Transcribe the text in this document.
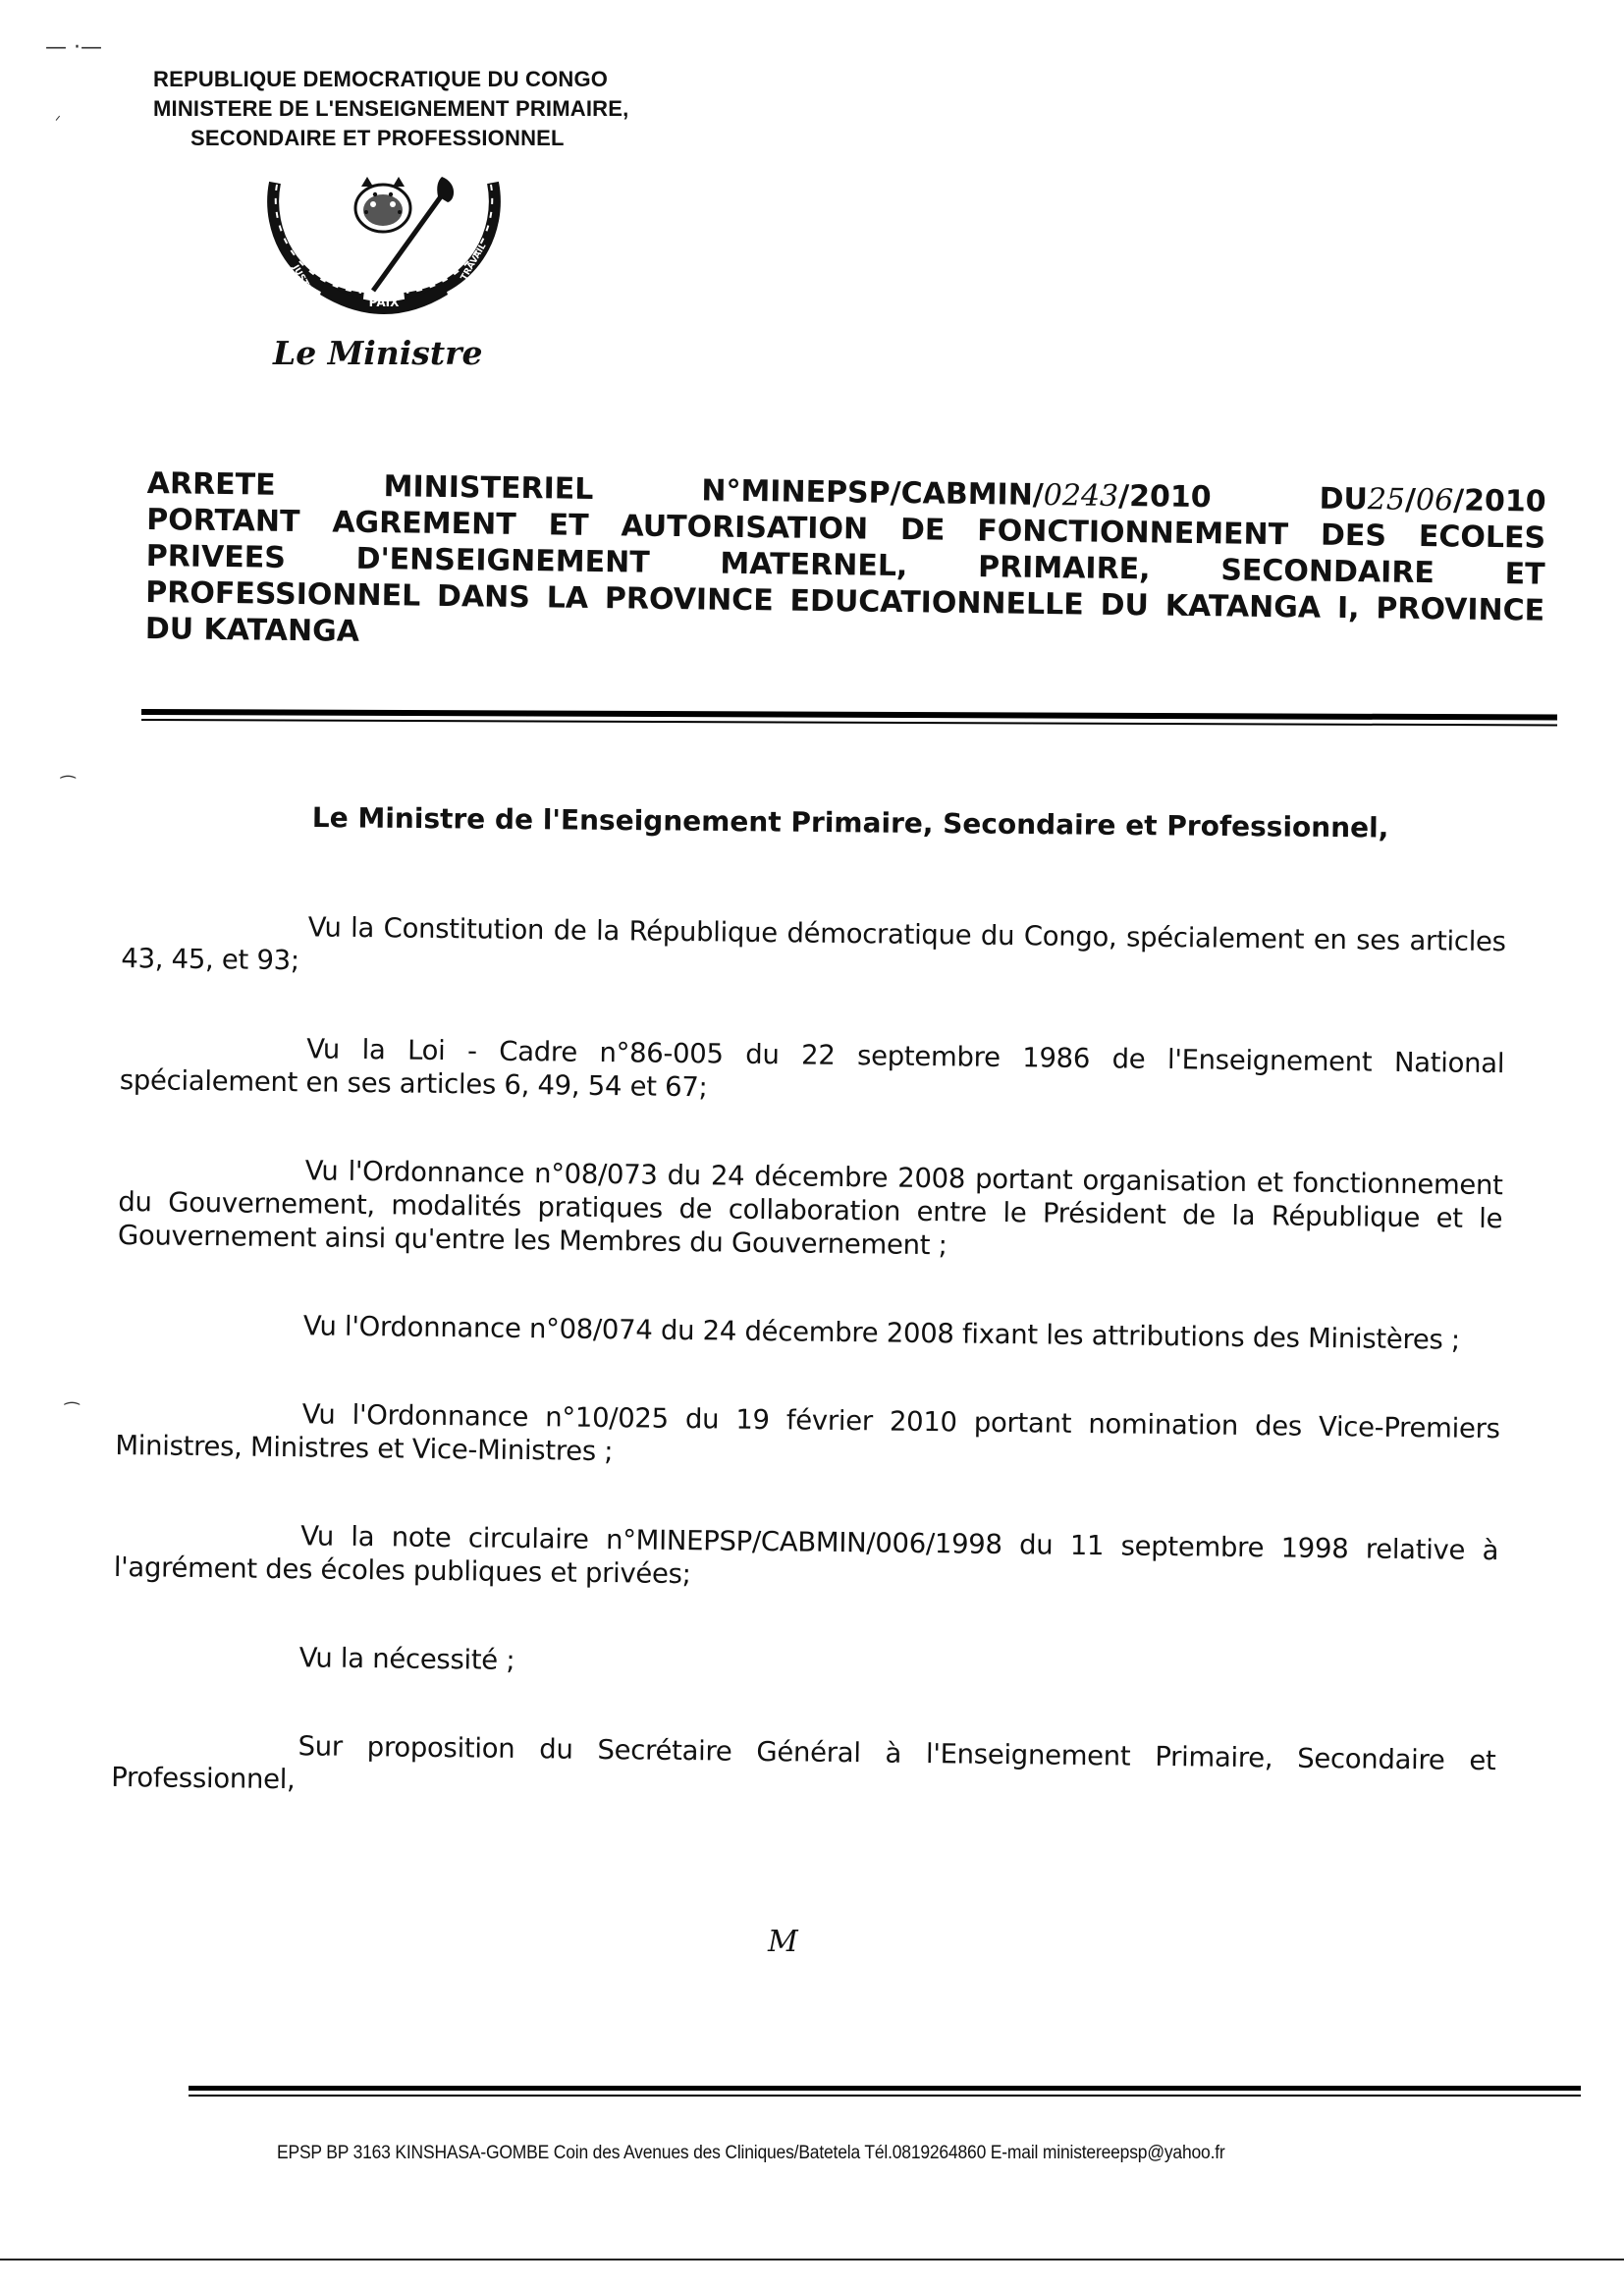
— ·—
ᐟ
⁀
⁀
REPUBLIQUE DEMOCRATIQUE DU CONGO
MINISTERE DE L'ENSEIGNEMENT PRIMAIRE,
SECONDAIRE ET PROFESSIONNEL
PAIX
JUSTICE
TRAVAIL
Le Ministre
ARRETE	MINISTERIEL	N°MINEPSP/CABMIN/0243/2010	DU25/06/2010
PORTANT AGREMENT ET AUTORISATION DE FONCTIONNEMENT DES ECOLES
PRIVEES D'ENSEIGNEMENT MATERNEL, PRIMAIRE, SECONDAIRE ET
PROFESSIONNEL DANS LA PROVINCE EDUCATIONNELLE DU KATANGA I, PROVINCE
DU KATANGA
Le Ministre de l'Enseignement Primaire, Secondaire et Professionnel,

Vu la Constitution de la République démocratique du Congo, spécialement en ses articles 43, 45, et 93;

Vu la Loi - Cadre n°86-005 du 22 septembre 1986 de l'Enseignement National spécialement en ses articles 6, 49, 54 et 67;

Vu l'Ordonnance n°08/073 du 24 décembre 2008 portant organisation et fonctionnement du Gouvernement, modalités pratiques de collaboration entre le Président de la République et le Gouvernement ainsi qu'entre les Membres du Gouvernement ;

Vu l'Ordonnance n°08/074 du 24 décembre 2008 fixant les attributions des Ministères ;

Vu l'Ordonnance n°10/025 du 19 février 2010 portant nomination des Vice-Premiers Ministres, Ministres et Vice-Ministres ;

Vu la note circulaire n°MINEPSP/CABMIN/006/1998 du 11 septembre 1998 relative à l'agrément des écoles publiques et privées;

Vu la nécessité ;

Sur proposition du Secrétaire Général à l'Enseignement Primaire, Secondaire et Professionnel,

M
EPSP BP 3163 KINSHASA-GOMBE Coin des Avenues des Cliniques/Batetela Tél.0819264860 E-mail ministereepsp@yahoo.fr
